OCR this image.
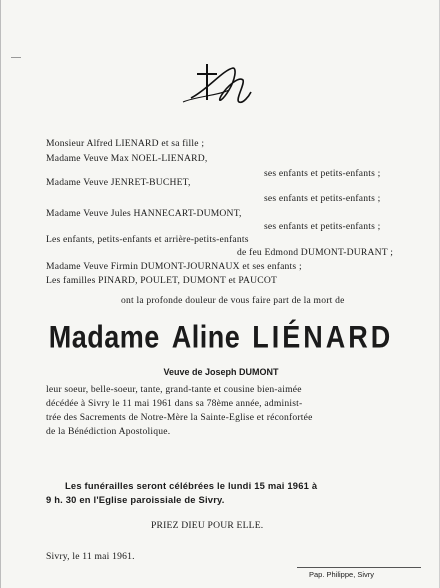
Monsieur Alfred LIENARD et sa fille ;
Madame Veuve Max NOEL-LIENARD,
ses enfants et petits-enfants ;
Madame Veuve JENRET-BUCHET,
ses enfants et petits-enfants ;
Madame Veuve Jules HANNECART-DUMONT,
ses enfants et petits-enfants ;
Les enfants, petits-enfants et arrière-petits-enfants
de feu Edmond DUMONT-DURANT ;
Madame Veuve Firmin DUMONT-JOURNAUX et ses enfants ;
Les familles PINARD, POULET, DUMONT et PAUCOT
ont la profonde douleur de vous faire part de la mort de
Madame Aline LIÉNARD
Veuve de Joseph DUMONT
leur soeur, belle-soeur, tante, grand-tante et cousine bien-aimée
décédée à Sivry le 11 mai 1961 dans sa 78ème année, administ-
trée des Sacrements de Notre-Mère la Sainte-Eglise et réconfortée
de la Bénédiction Apostolique.
Les funérailles seront célébrées le lundi 15 mai 1961 à
9 h. 30 en l'Eglise paroissiale de Sivry.
PRIEZ DIEU POUR ELLE.
Sivry, le 11 mai 1961.
Pap. Philippe, Sivry
